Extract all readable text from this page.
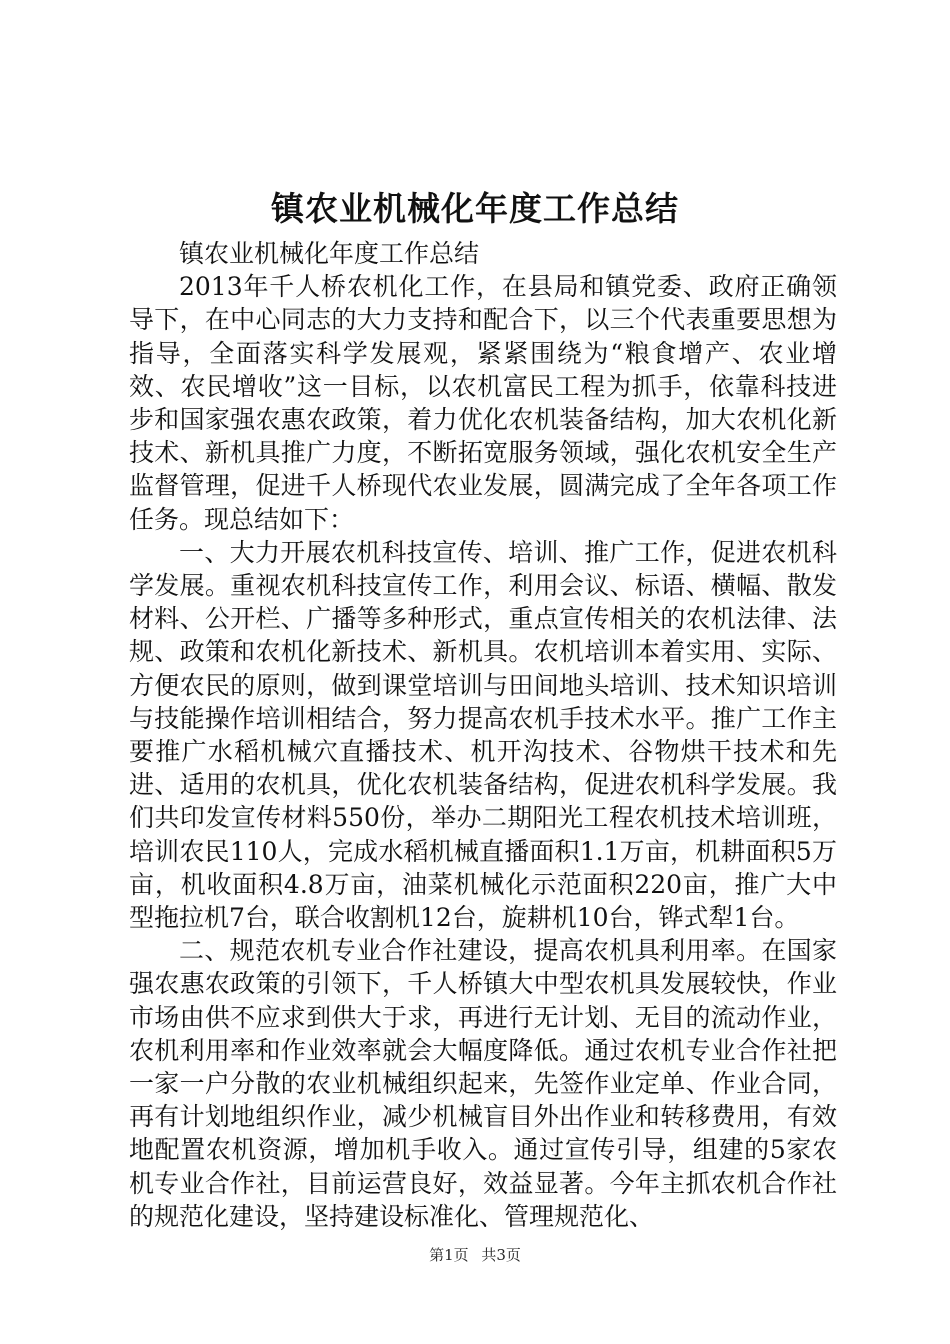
镇农业机械化年度工作总结

镇农业机械化年度工作总结

2013年千人桥农机化工作，在县局和镇党委、政府正确领导下，在中心同志的大力支持和配合下，以三个代表重要思想为指导，全面落实科学发展观，紧紧围绕为“粮食增产、农业增效、农民增收”这一目标，以农机富民工程为抓手，依靠科技进步和国家强农惠农政策，着力优化农机装备结构，加大农机化新技术、新机具推广力度，不断拓宽服务领域，强化农机安全生产监督管理，促进千人桥现代农业发展，圆满完成了全年各项工作任务。现总结如下：

一、大力开展农机科技宣传、培训、推广工作，促进农机科学发展。重视农机科技宣传工作，利用会议、标语、横幅、散发材料、公开栏、广播等多种形式，重点宣传相关的农机法律、法规、政策和农机化新技术、新机具。农机培训本着实用、实际、方便农民的原则，做到课堂培训与田间地头培训、技术知识培训与技能操作培训相结合，努力提高农机手技术水平。推广工作主要推广水稻机械穴直播技术、机开沟技术、谷物烘干技术和先进、适用的农机具，优化农机装备结构，促进农机科学发展。我们共印发宣传材料550份，举办二期阳光工程农机技术培训班，培训农民110人，完成水稻机械直播面积1.1万亩，机耕面积5万亩，机收面积4.8万亩，油菜机械化示范面积220亩，推广大中型拖拉机7台，联合收割机12台，旋耕机10台，铧式犁1台。

二、规范农机专业合作社建设，提高农机具利用率。在国家强农惠农政策的引领下，千人桥镇大中型农机具发展较快，作业市场由供不应求到供大于求，再进行无计划、无目的流动作业，农机利用率和作业效率就会大幅度降低。通过农机专业合作社把一家一户分散的农业机械组织起来，先签作业定单、作业合同，再有计划地组织作业，减少机械盲目外出作业和转移费用，有效地配置农机资源，增加机手收入。通过宣传引导，组建的5家农机专业合作社，目前运营良好，效益显著。今年主抓农机合作社的规范化建设，坚持建设标准化、管理规范化、

第1页 共3页
